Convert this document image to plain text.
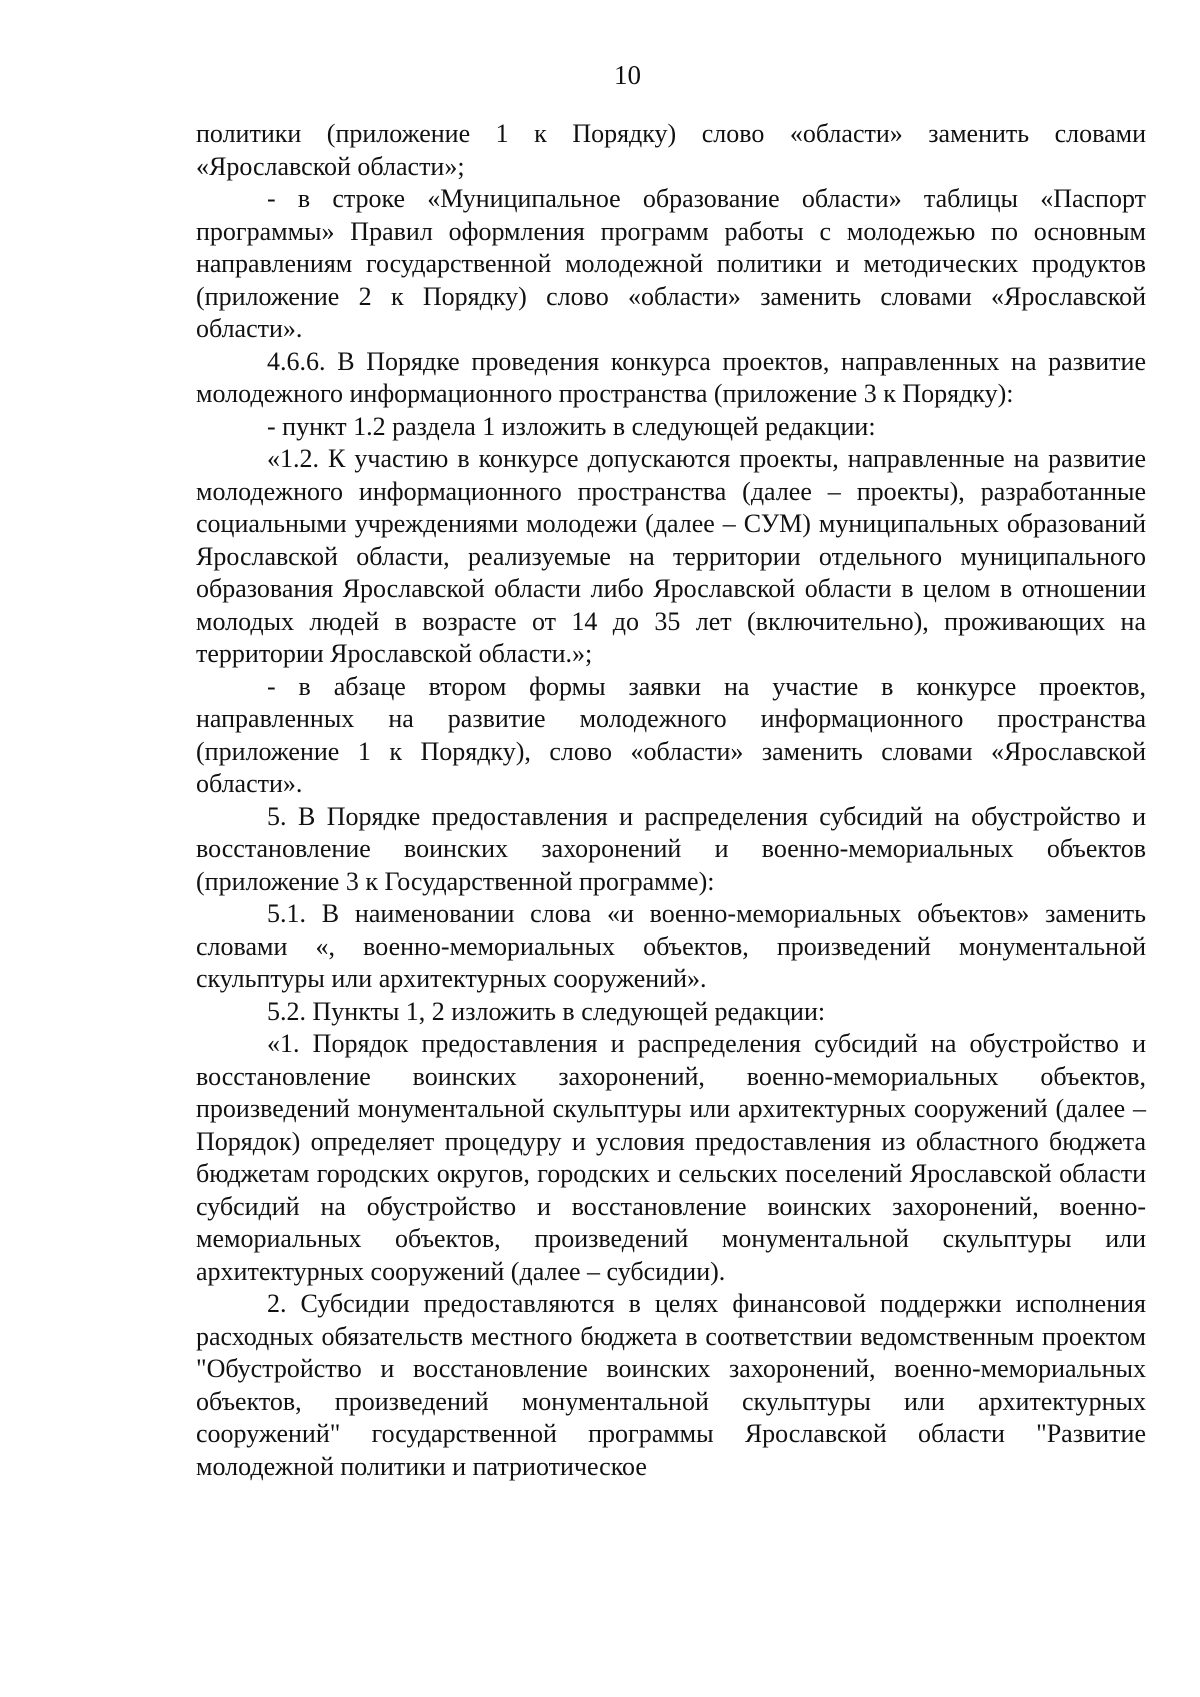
10

политики (приложение 1 к Порядку) слово «области» заменить словами «Ярославской области»;

- в строке «Муниципальное образование области» таблицы «Паспорт программы» Правил оформления программ работы с молодежью по основным направлениям государственной молодежной политики и методических продуктов (приложение 2 к Порядку) слово «области» заменить словами «Ярославской области».

4.6.6. В Порядке проведения конкурса проектов, направленных на развитие молодежного информационного пространства (приложение 3 к Порядку):

- пункт 1.2 раздела 1 изложить в следующей редакции:

«1.2. К участию в конкурсе допускаются проекты, направленные на развитие молодежного информационного пространства (далее – проекты), разработанные социальными учреждениями молодежи (далее – СУМ) муниципальных образований Ярославской области, реализуемые на территории отдельного муниципального образования Ярославской области либо Ярославской области в целом в отношении молодых людей в возрасте от 14 до 35 лет (включительно), проживающих на территории Ярославской области.»;

- в абзаце втором формы заявки на участие в конкурсе проектов, направленных на развитие молодежного информационного пространства (приложение 1 к Порядку), слово «области» заменить словами «Ярославской области».

5. В Порядке предоставления и распределения субсидий на обустройство и восстановление воинских захоронений и военно-мемориальных объектов (приложение 3 к Государственной программе):

5.1. В наименовании слова «и военно-мемориальных объектов» заменить словами «, военно-мемориальных объектов, произведений монументальной скульптуры или архитектурных сооружений».

5.2. Пункты 1, 2 изложить в следующей редакции:

«1. Порядок предоставления и распределения субсидий на обустройство и восстановление воинских захоронений, военно-мемориальных объектов, произведений монументальной скульптуры или архитектурных сооружений (далее – Порядок) определяет процедуру и условия предоставления из областного бюджета бюджетам городских округов, городских и сельских поселений Ярославской области субсидий на обустройство и восстановление воинских захоронений, военно-мемориальных объектов, произведений монументальной скульптуры или архитектурных сооружений (далее – субсидии).

2. Субсидии предоставляются в целях финансовой поддержки исполнения расходных обязательств местного бюджета в соответствии ведомственным проектом "Обустройство и восстановление воинских захоронений, военно-мемориальных объектов, произведений монументальной скульптуры или архитектурных сооружений" государственной программы Ярославской области "Развитие молодежной политики и патриотическое
